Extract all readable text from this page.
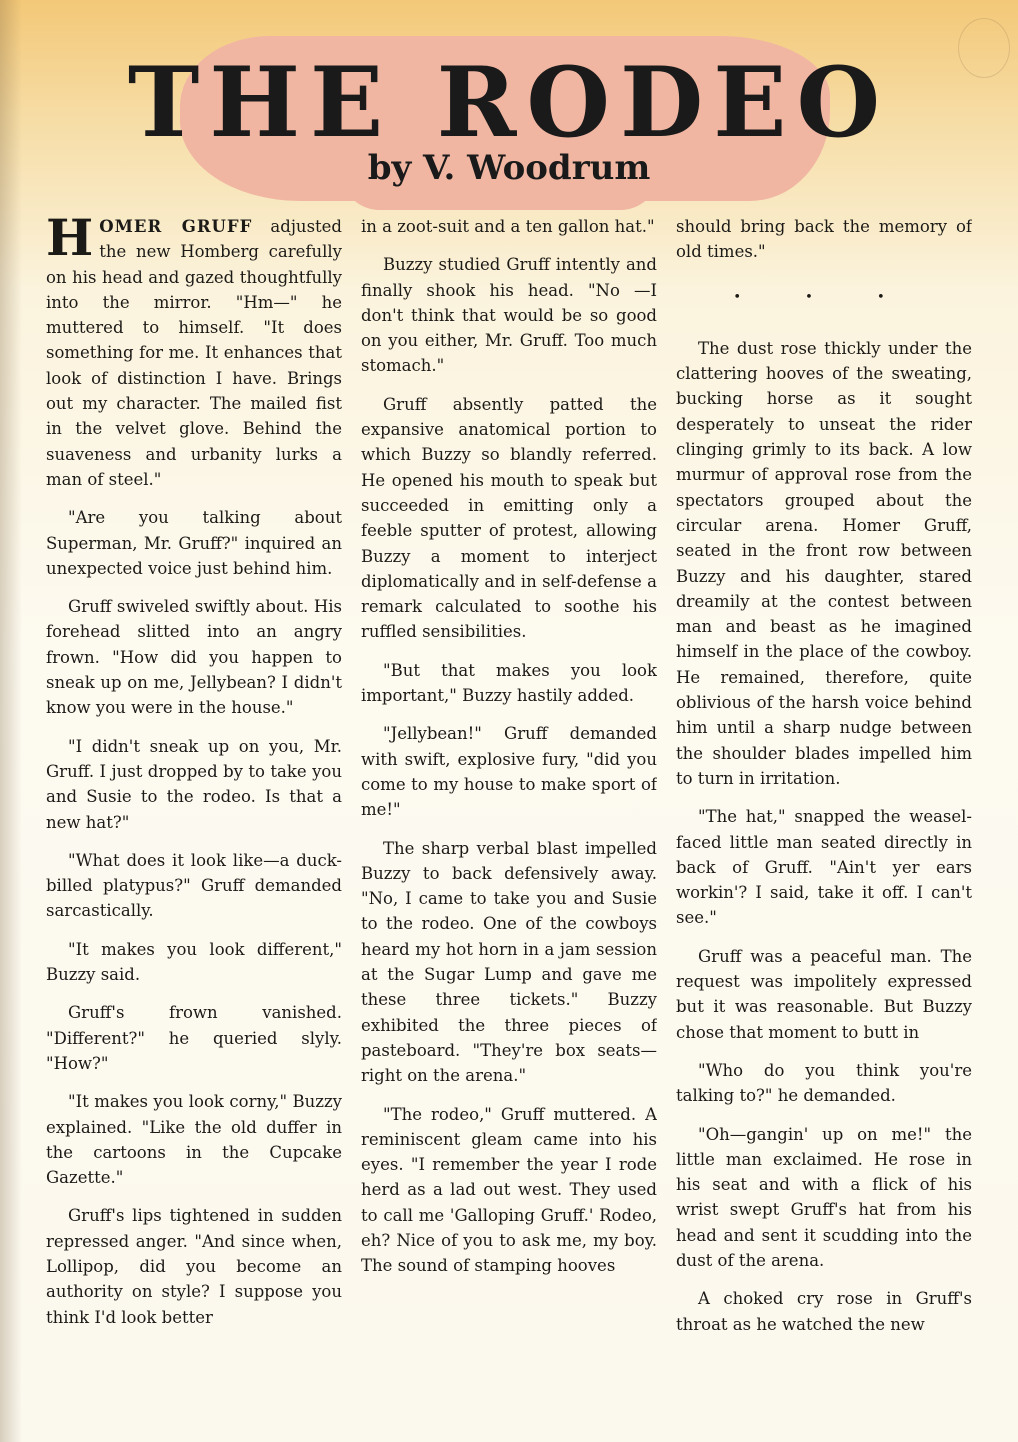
THE RODEO
by V. Woodrum

HOMER GRUFF adjusted the new Homberg carefully on his head and gazed thoughtfully into the mirror. "Hm—" he muttered to himself. "It does something for me. It enhances that look of distinction I have. Brings out my character. The mailed fist in the velvet glove. Behind the suaveness and urbanity lurks a man of steel."

"Are you talking about Superman, Mr. Gruff?" inquired an unexpected voice just behind him.

Gruff swiveled swiftly about. His forehead slitted into an angry frown. "How did you happen to sneak up on me, Jellybean? I didn't know you were in the house."

"I didn't sneak up on you, Mr. Gruff. I just dropped by to take you and Susie to the rodeo. Is that a new hat?"

"What does it look like—a duck-billed platypus?" Gruff demanded sarcastically.

"It makes you look different," Buzzy said.

Gruff's frown vanished. "Different?" he queried slyly. "How?"

"It makes you look corny," Buzzy explained. "Like the old duffer in the cartoons in the Cupcake Gazette."

Gruff's lips tightened in sudden repressed anger. "And since when, Lollipop, did you become an authority on style? I suppose you think I'd look better

in a zoot-suit and a ten gallon hat."

Buzzy studied Gruff intently and finally shook his head. "No —I don't think that would be so good on you either, Mr. Gruff. Too much stomach."

Gruff absently patted the expansive anatomical portion to which Buzzy so blandly referred. He opened his mouth to speak but succeeded in emitting only a feeble sputter of protest, allowing Buzzy a moment to interject diplomatically and in self-defense a remark calculated to soothe his ruffled sensibilities.

"But that makes you look important," Buzzy hastily added.

"Jellybean!" Gruff demanded with swift, explosive fury, "did you come to my house to make sport of me!"

The sharp verbal blast impelled Buzzy to back defensively away. "No, I came to take you and Susie to the rodeo. One of the cowboys heard my hot horn in a jam session at the Sugar Lump and gave me these three tickets." Buzzy exhibited the three pieces of pasteboard. "They're box seats—right on the arena."

"The rodeo," Gruff muttered. A reminiscent gleam came into his eyes. "I remember the year I rode herd as a lad out west. They used to call me 'Galloping Gruff.' Rodeo, eh? Nice of you to ask me, my boy. The sound of stamping hooves

should bring back the memory of old times."

• • •

The dust rose thickly under the clattering hooves of the sweating, bucking horse as it sought desperately to unseat the rider clinging grimly to its back. A low murmur of approval rose from the spectators grouped about the circular arena. Homer Gruff, seated in the front row between Buzzy and his daughter, stared dreamily at the contest between man and beast as he imagined himself in the place of the cowboy. He remained, therefore, quite oblivious of the harsh voice behind him until a sharp nudge between the shoulder blades impelled him to turn in irritation.

"The hat," snapped the weasel-faced little man seated directly in back of Gruff. "Ain't yer ears workin'? I said, take it off. I can't see."

Gruff was a peaceful man. The request was impolitely expressed but it was reasonable. But Buzzy chose that moment to butt in

"Who do you think you're talking to?" he demanded.

"Oh—gangin' up on me!" the little man exclaimed. He rose in his seat and with a flick of his wrist swept Gruff's hat from his head and sent it scudding into the dust of the arena.

A choked cry rose in Gruff's throat as he watched the new
